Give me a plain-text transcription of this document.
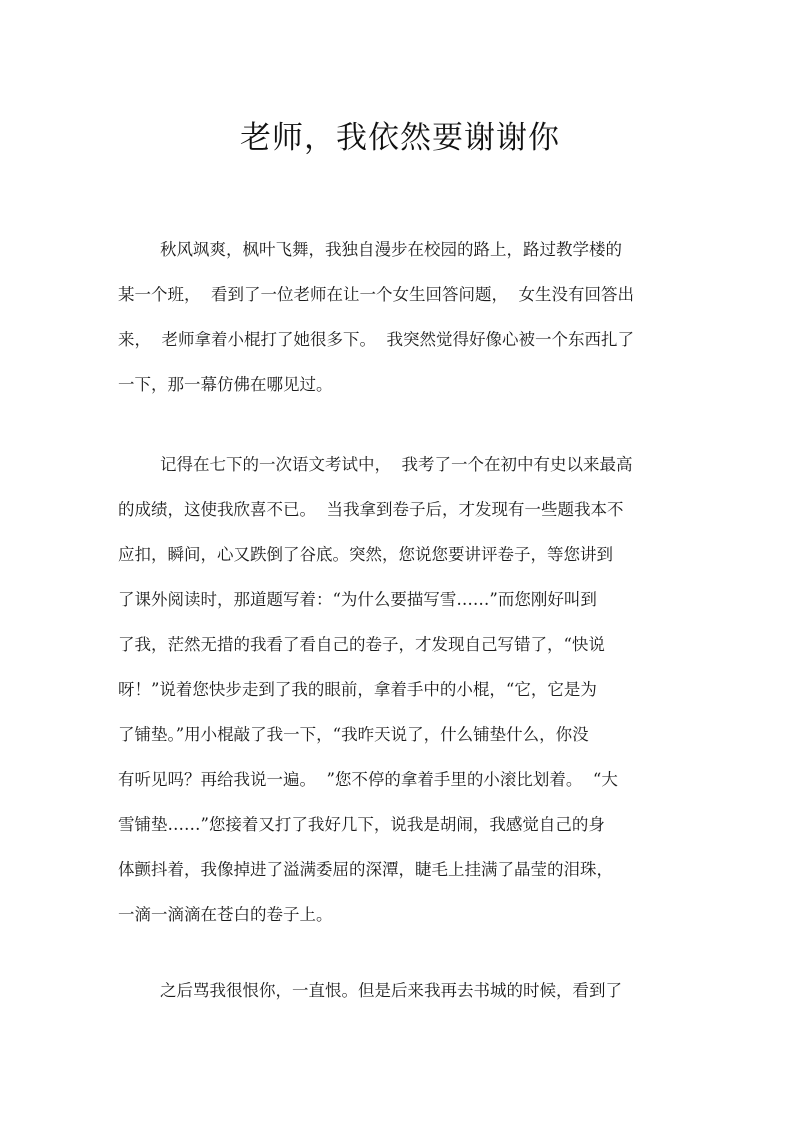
老师，我依然要谢谢你

秋风飒爽，枫叶飞舞，我独自漫步在校园的路上，路过教学楼的
某一个班，  看到了一位老师在让一个女生回答问题，  女生没有回答出
来，  老师拿着小棍打了她很多下。  我突然觉得好像心被一个东西扎了
一下，那一幕仿佛在哪见过。

记得在七下的一次语文考试中，  我考了一个在初中有史以来最高
的成绩，这使我欣喜不已。  当我拿到卷子后，才发现有一些题我本不
应扣，瞬间，心又跌倒了谷底。突然，您说您要讲评卷子，等您讲到
了课外阅读时，那道题写着：“为什么要描写雪……”而您刚好叫到
了我，茫然无措的我看了看自己的卷子，才发现自己写错了，“快说
呀！”说着您快步走到了我的眼前，拿着手中的小棍，“它，它是为
了铺垫。”用小棍敲了我一下，“我昨天说了，什么铺垫什么，你没
有听见吗？再给我说一遍。  ”您不停的拿着手里的小滚比划着。  “大
雪铺垫……”您接着又打了我好几下，说我是胡闹，我感觉自己的身
体颤抖着，我像掉进了溢满委屈的深潭，睫毛上挂满了晶莹的泪珠，
一滴一滴滴在苍白的卷子上。

之后骂我很恨你，一直恨。但是后来我再去书城的时候，看到了
